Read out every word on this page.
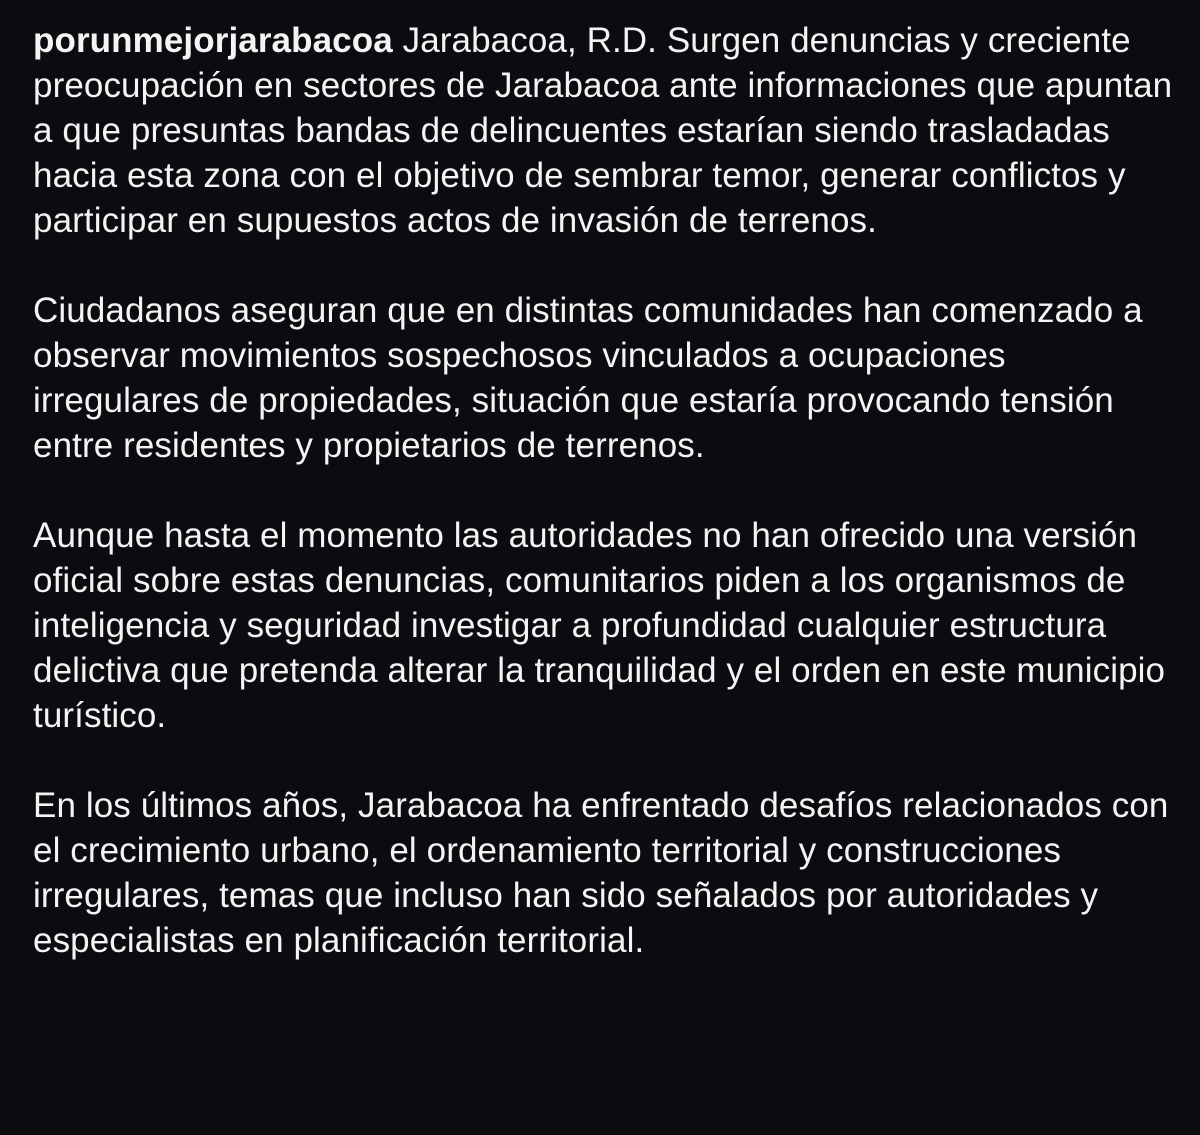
porunmejorjarabacoa Jarabacoa, R.D. Surgen denuncias y creciente preocupación en sectores de Jarabacoa ante informaciones que apuntan a que presuntas bandas de delincuentes estarían siendo trasladadas hacia esta zona con el objetivo de sembrar temor, generar conflictos y participar en supuestos actos de invasión de terrenos.

Ciudadanos aseguran que en distintas comunidades han comenzado a observar movimientos sospechosos vinculados a ocupaciones irregulares de propiedades, situación que estaría provocando tensión entre residentes y propietarios de terrenos.

Aunque hasta el momento las autoridades no han ofrecido una versión oficial sobre estas denuncias, comunitarios piden a los organismos de inteligencia y seguridad investigar a profundidad cualquier estructura delictiva que pretenda alterar la tranquilidad y el orden en este municipio turístico.

En los últimos años, Jarabacoa ha enfrentado desafíos relacionados con el crecimiento urbano, el ordenamiento territorial y construcciones irregulares, temas que incluso han sido señalados por autoridades y especialistas en planificación territorial.
